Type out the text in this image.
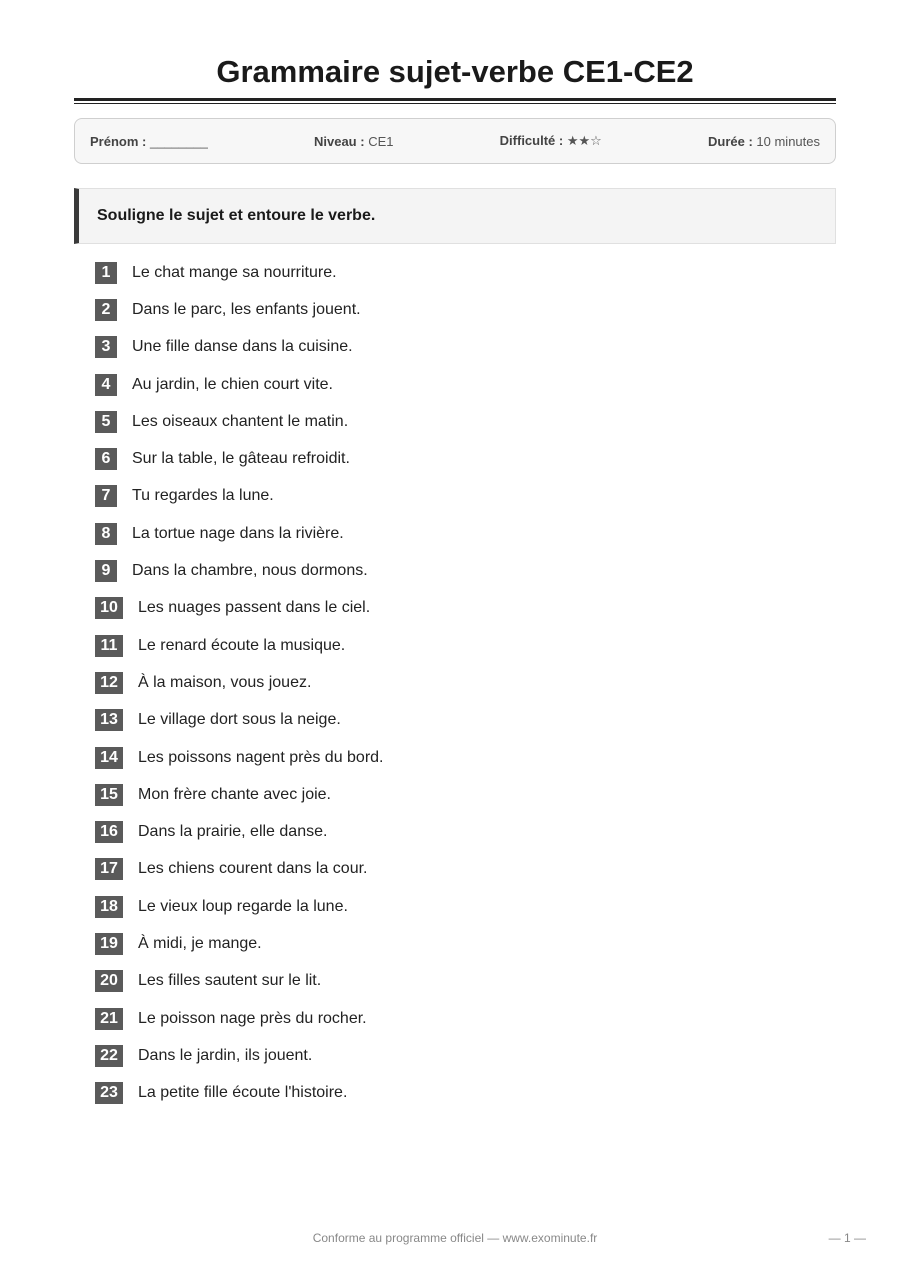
Grammaire sujet-verbe CE1-CE2
Prénom : ________	Niveau : CE1	Difficulté : ★★☆	Durée : 10 minutes
Souligne le sujet et entoure le verbe.
1	Le chat mange sa nourriture.
2	Dans le parc, les enfants jouent.
3	Une fille danse dans la cuisine.
4	Au jardin, le chien court vite.
5	Les oiseaux chantent le matin.
6	Sur la table, le gâteau refroidit.
7	Tu regardes la lune.
8	La tortue nage dans la rivière.
9	Dans la chambre, nous dormons.
10	Les nuages passent dans le ciel.
11	Le renard écoute la musique.
12	À la maison, vous jouez.
13	Le village dort sous la neige.
14	Les poissons nagent près du bord.
15	Mon frère chante avec joie.
16	Dans la prairie, elle danse.
17	Les chiens courent dans la cour.
18	Le vieux loup regarde la lune.
19	À midi, je mange.
20	Les filles sautent sur le lit.
21	Le poisson nage près du rocher.
22	Dans le jardin, ils jouent.
23	La petite fille écoute l'histoire.
Conforme au programme officiel — www.exominute.fr	— 1 —
